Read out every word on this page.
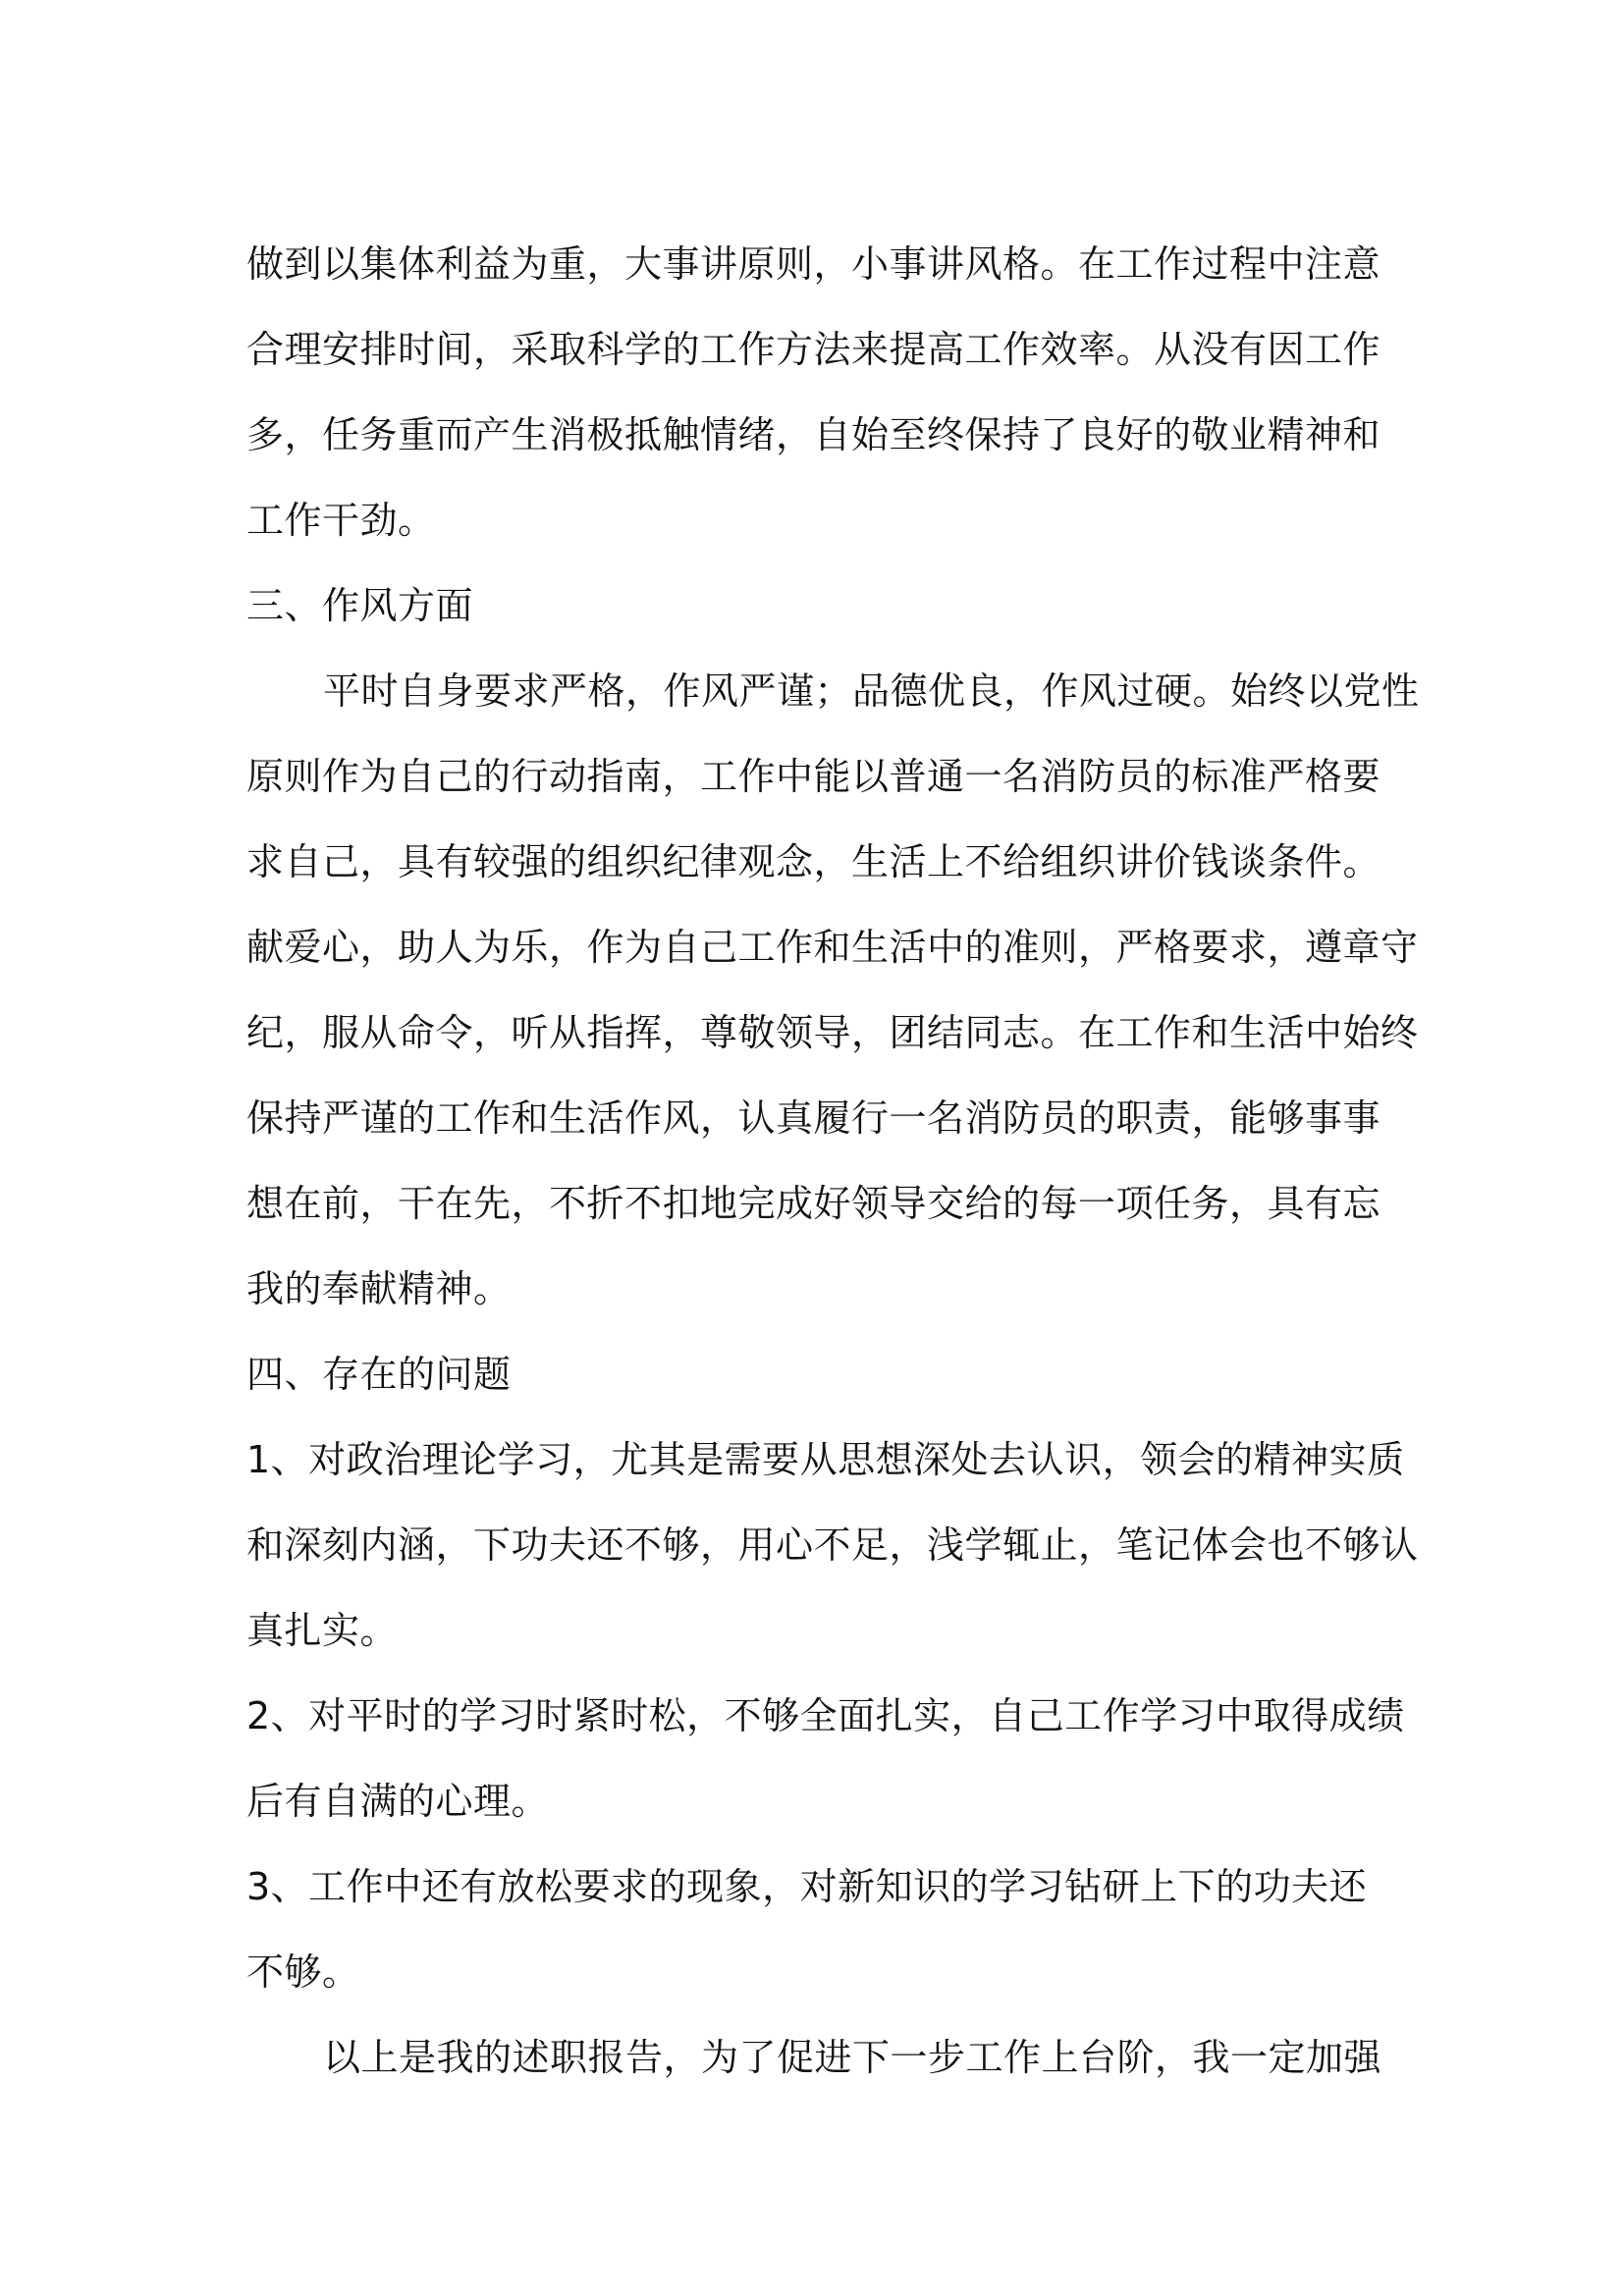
做到以集体利益为重，大事讲原则，小事讲风格。在工作过程中注意
合理安排时间，采取科学的工作方法来提高工作效率。从没有因工作
多，任务重而产生消极抵触情绪，自始至终保持了良好的敬业精神和
工作干劲。
三、作风方面
平时自身要求严格，作风严谨；品德优良，作风过硬。始终以党性
原则作为自己的行动指南，工作中能以普通一名消防员的标准严格要
求自己，具有较强的组织纪律观念，生活上不给组织讲价钱谈条件。
献爱心，助人为乐，作为自己工作和生活中的准则，严格要求，遵章守
纪，服从命令，听从指挥，尊敬领导，团结同志。在工作和生活中始终
保持严谨的工作和生活作风，认真履行一名消防员的职责，能够事事
想在前，干在先，不折不扣地完成好领导交给的每一项任务，具有忘
我的奉献精神。
四、存在的问题
1、对政治理论学习，尤其是需要从思想深处去认识，领会的精神实质
和深刻内涵，下功夫还不够，用心不足，浅学辄止，笔记体会也不够认
真扎实。
2、对平时的学习时紧时松，不够全面扎实，自己工作学习中取得成绩
后有自满的心理。
3、工作中还有放松要求的现象，对新知识的学习钻研上下的功夫还
不够。
以上是我的述职报告，为了促进下一步工作上台阶，我一定加强
